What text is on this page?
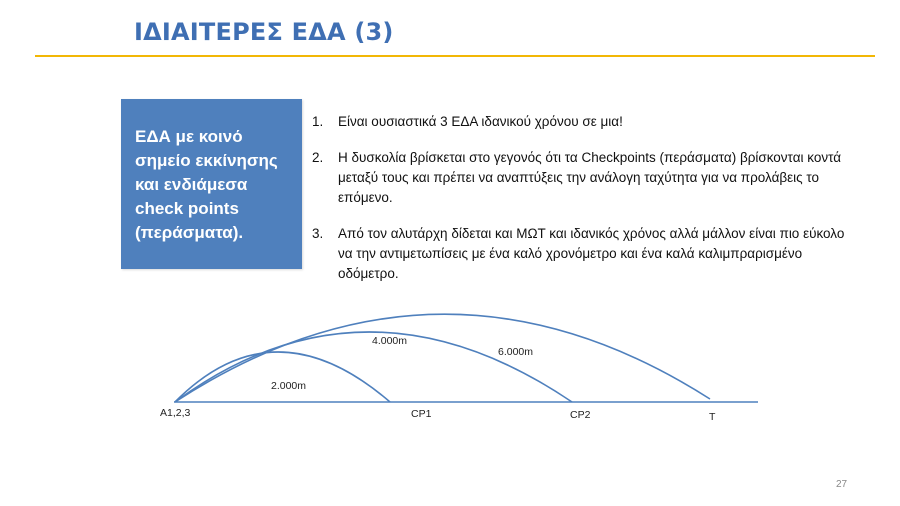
ΙΔΙΑΙΤΕΡΕΣ ΕΔΑ (3)
ΕΔΑ με κοινό
σημείο εκκίνησης
και ενδιάμεσα
check points
(περάσματα).
1.	Είναι ουσιαστικά 3 ΕΔΑ ιδανικού χρόνου σε μια!
2.	Η δυσκολία βρίσκεται στο γεγονός ότι τα Checkpoints (περάσματα) βρίσκονται κοντά μεταξύ τους και πρέπει να αναπτύξεις την ανάλογη ταχύτητα για να προλάβεις το επόμενο.
3.	Από τον αλυτάρχη δίδεται και ΜΩΤ και ιδανικός χρόνος αλλά μάλλον είναι πιο εύκολο να την αντιμετωπίσεις με ένα καλό χρονόμετρο και ένα καλά καλιμπραρισμένο οδόμετρο.
2.000m
4.000m
6.000m
A1,2,3	CP1	CP2	T
27
